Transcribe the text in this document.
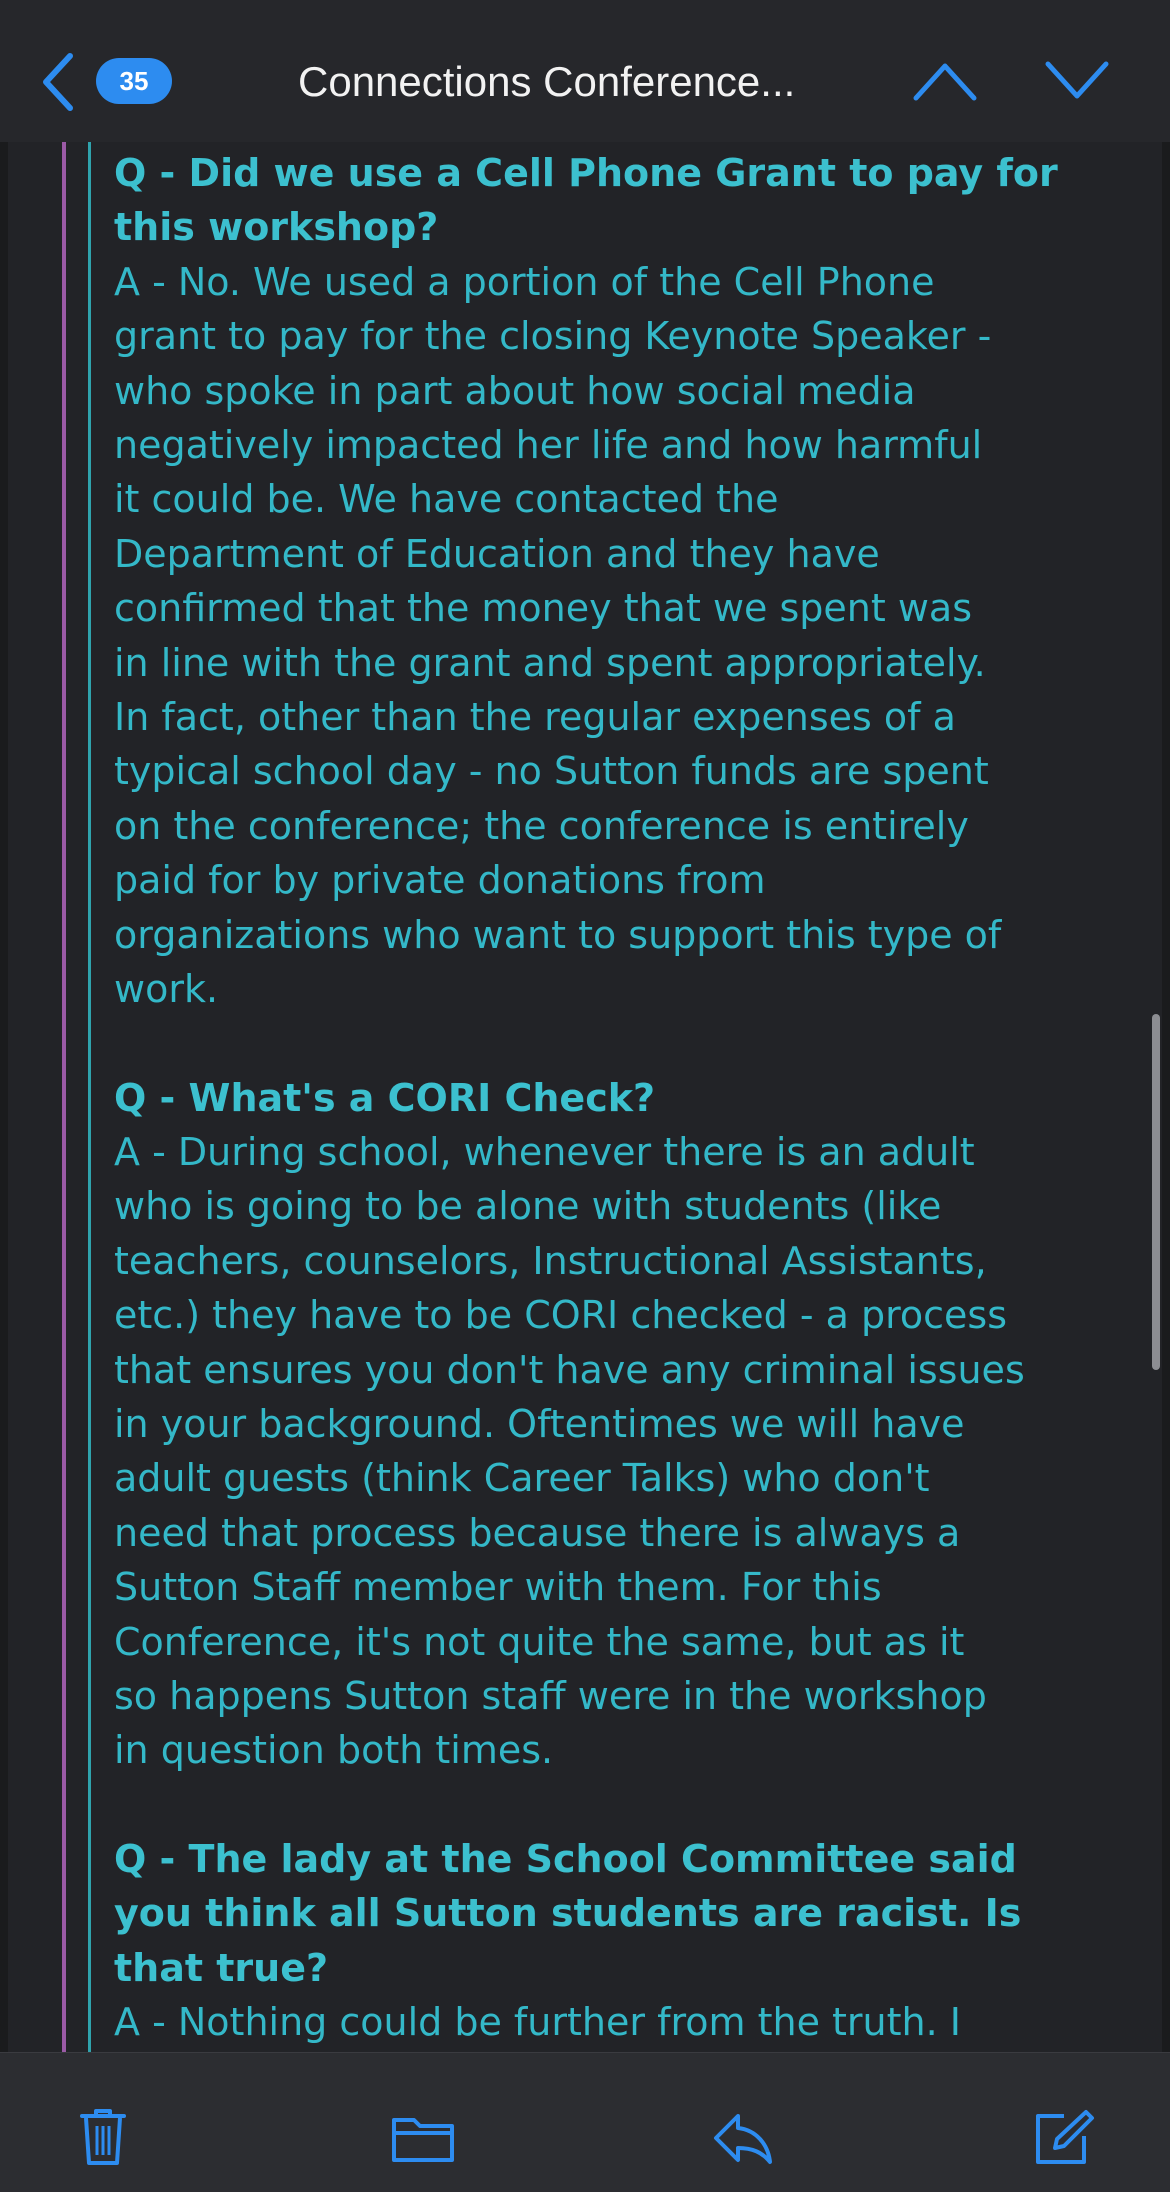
35	Connections Conference...

Q - Did we use a Cell Phone Grant to pay for
this workshop?

A - No. We used a portion of the Cell Phone
grant to pay for the closing Keynote Speaker -
who spoke in part about how social media
negatively impacted her life and how harmful
it could be. We have contacted the
Department of Education and they have
confirmed that the money that we spent was
in line with the grant and spent appropriately.
In fact, other than the regular expenses of a
typical school day - no Sutton funds are spent
on the conference; the conference is entirely
paid for by private donations from
organizations who want to support this type of
work.

Q - What's a CORI Check?

A - During school, whenever there is an adult
who is going to be alone with students (like
teachers, counselors, Instructional Assistants,
etc.) they have to be CORI checked - a process
that ensures you don't have any criminal issues
in your background. Oftentimes we will have
adult guests (think Career Talks) who don't
need that process because there is always a
Sutton Staff member with them. For this
Conference, it's not quite the same, but as it
so happens Sutton staff were in the workshop
in question both times.

Q - The lady at the School Committee said
you think all Sutton students are racist. Is
that true?

A - Nothing could be further from the truth. I
